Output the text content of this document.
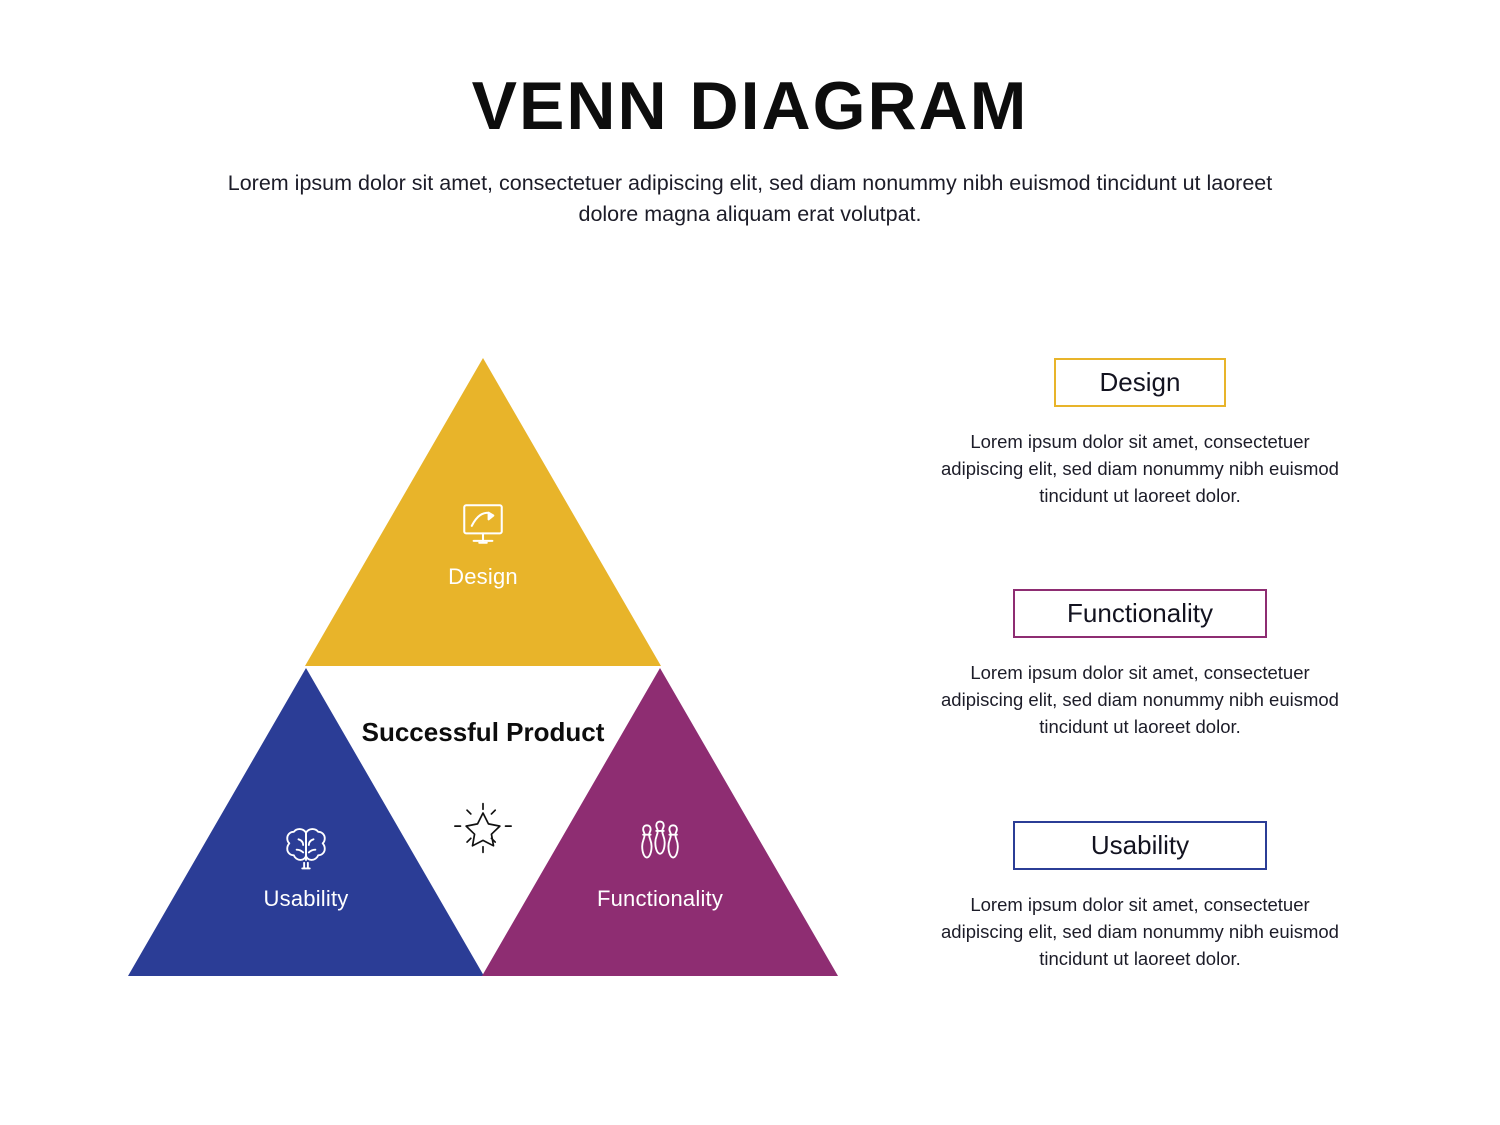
VENN DIAGRAM
Lorem ipsum dolor sit amet, consectetuer adipiscing elit, sed diam nonummy nibh euismod tincidunt ut laoreet dolore magna aliquam erat volutpat.
Design
Successful Product
Usability	Functionality
Design
Lorem ipsum dolor sit amet, consectetuer adipiscing elit, sed diam nonummy nibh euismod tincidunt ut laoreet dolor.
Functionality
Lorem ipsum dolor sit amet, consectetuer adipiscing elit, sed diam nonummy nibh euismod tincidunt ut laoreet dolor.
Usability
Lorem ipsum dolor sit amet, consectetuer adipiscing elit, sed diam nonummy nibh euismod tincidunt ut laoreet dolor.
